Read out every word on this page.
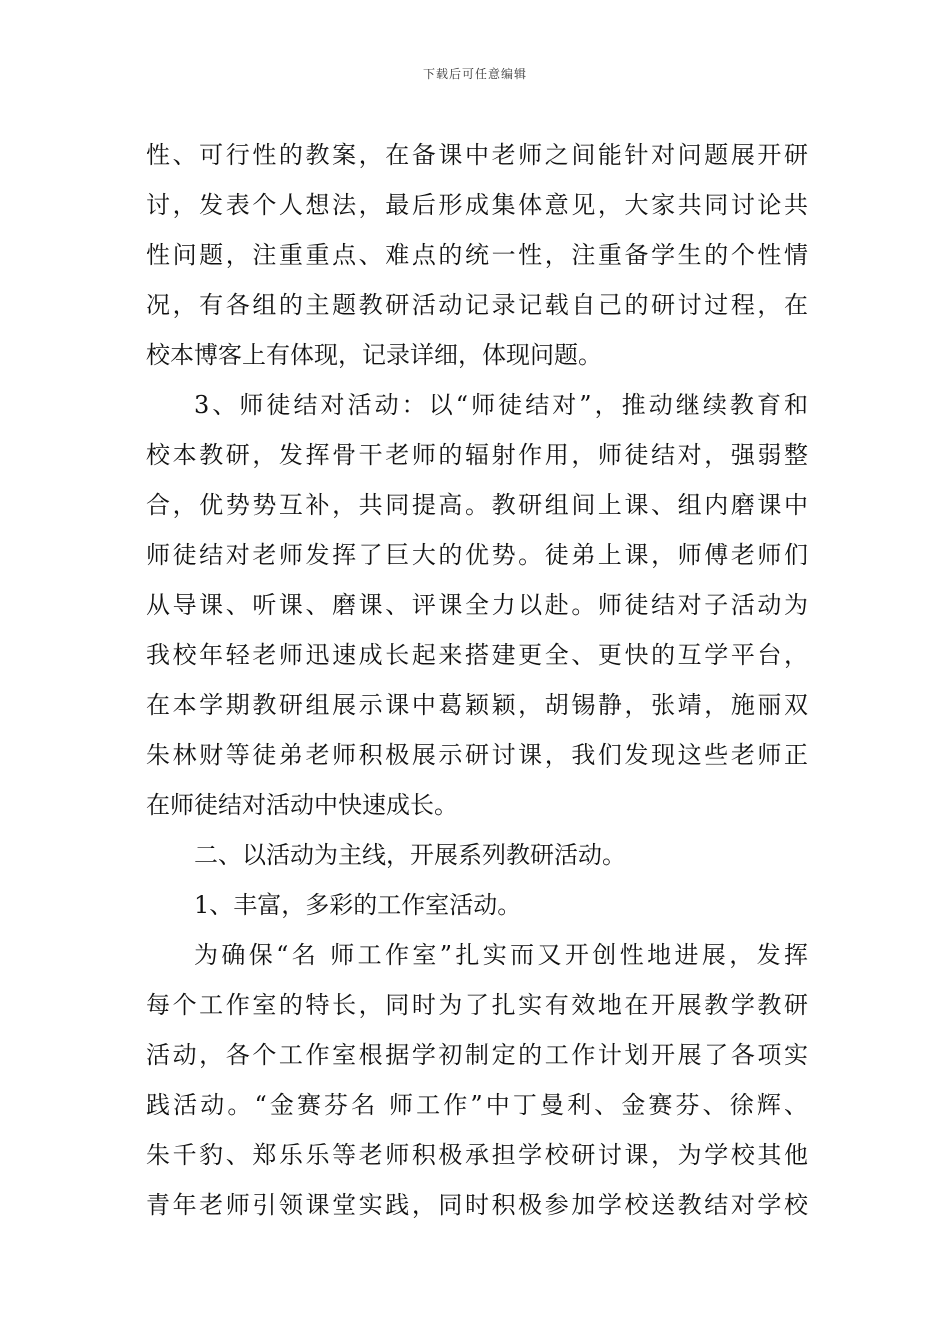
下载后可任意编辑
性、可行性的教案，在备课中老师之间能针对问题展开研
讨，发表个人想法，最后形成集体意见，大家共同讨论共
性问题，注重重点、难点的统一性，注重备学生的个性情
况，有各组的主题教研活动记录记载自己的研讨过程，在
校本博客上有体现，记录详细，体现问题。
3、师徒结对活动：以“师徒结对”，推动继续教育和
校本教研，发挥骨干老师的辐射作用，师徒结对，强弱整
合，优势势互补，共同提高。教研组间上课、组内磨课中
师徒结对老师发挥了巨大的优势。徒弟上课，师傅老师们
从导课、听课、磨课、评课全力以赴。师徒结对子活动为
我校年轻老师迅速成长起来搭建更全、更快的互学平台，
在本学期教研组展示课中葛颖颖，胡锡静，张靖，施丽双
朱林财等徒弟老师积极展示研讨课，我们发现这些老师正
在师徒结对活动中快速成长。
二、以活动为主线，开展系列教研活动。
1、丰富，多彩的工作室活动。
为确保“名 师工作室”扎实而又开创性地进展，发挥
每个工作室的特长，同时为了扎实有效地在开展教学教研
活动，各个工作室根据学初制定的工作计划开展了各项实
践活动。“金赛芬名 师工作”中丁曼利、金赛芬、徐辉、
朱千豹、郑乐乐等老师积极承担学校研讨课，为学校其他
青年老师引领课堂实践，同时积极参加学校送教结对学校
